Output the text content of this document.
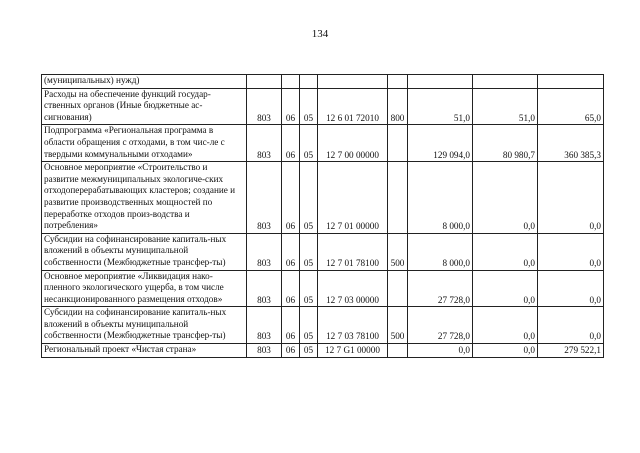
134
(муниципальных) нужд)								
Расходы на обеспечение функций государ-ственных органов (Иные бюджетные ас-сигнования)	803	06	05	12 6 01 72010	800	51,0	51,0	65,0
Подпрограмма «Региональная программа в области обращения с отходами, в том чис-ле с твердыми коммунальными отходами»	803	06	05	12 7 00 00000		129 094,0	80 980,7	360 385,3
Основное мероприятие «Строительство и развитие межмуниципальных экологиче-ских отходоперерабатывающих кластеров; создание и развитие производственных мощностей по переработке отходов произ-водства и потребления»	803	06	05	12 7 01 00000		8 000,0	0,0	0,0
Субсидии на софинансирование капиталь-ных вложений в объекты муниципальной собственности (Межбюджетные трансфер-ты)	803	06	05	12 7 01 78100	500	8 000,0	0,0	0,0
Основное мероприятие «Ликвидация нако-пленного экологического ущерба, в том числе несанкционированного размещения отходов»	803	06	05	12 7 03 00000		27 728,0	0,0	0,0
Субсидии на софинансирование капиталь-ных вложений в объекты муниципальной собственности (Межбюджетные трансфер-ты)	803	06	05	12 7 03 78100	500	27 728,0	0,0	0,0
Региональный проект «Чистая страна»	803	06	05	12 7 G1 00000		0,0	0,0	279 522,1
